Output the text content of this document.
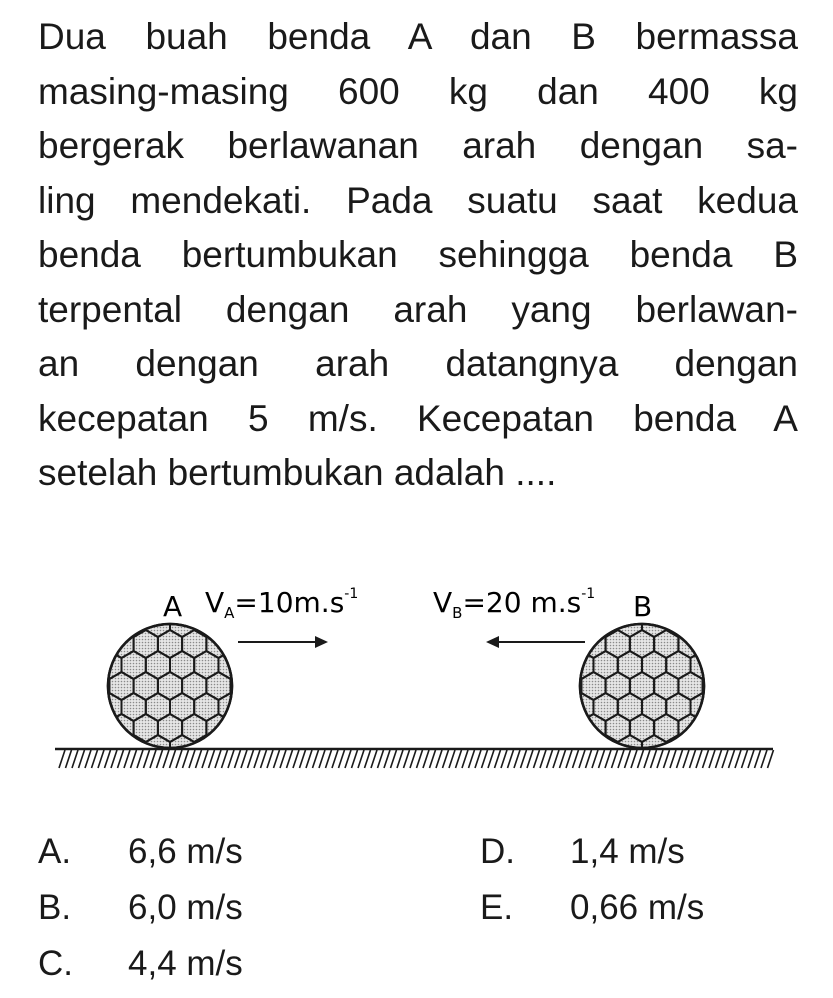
Dua buah benda A dan B bermassa
masing-masing 600 kg dan 400 kg
bergerak berlawanan arah dengan sa-
ling mendekati. Pada suatu saat kedua
benda bertumbukan sehingga benda B
terpental dengan arah yang berlawan-
an dengan arah datangnya dengan
kecepatan 5 m/s. Kecepatan benda A
setelah bertumbukan adalah ....
A	B
$V_A=10m.s^{-1}$	$V_B=20$ $m.s^{-1}$
A. 6,6 m/s
B. 6,0 m/s
C. 4,4 m/s
D. 1,4 m/s
E. 0,66 m/s
